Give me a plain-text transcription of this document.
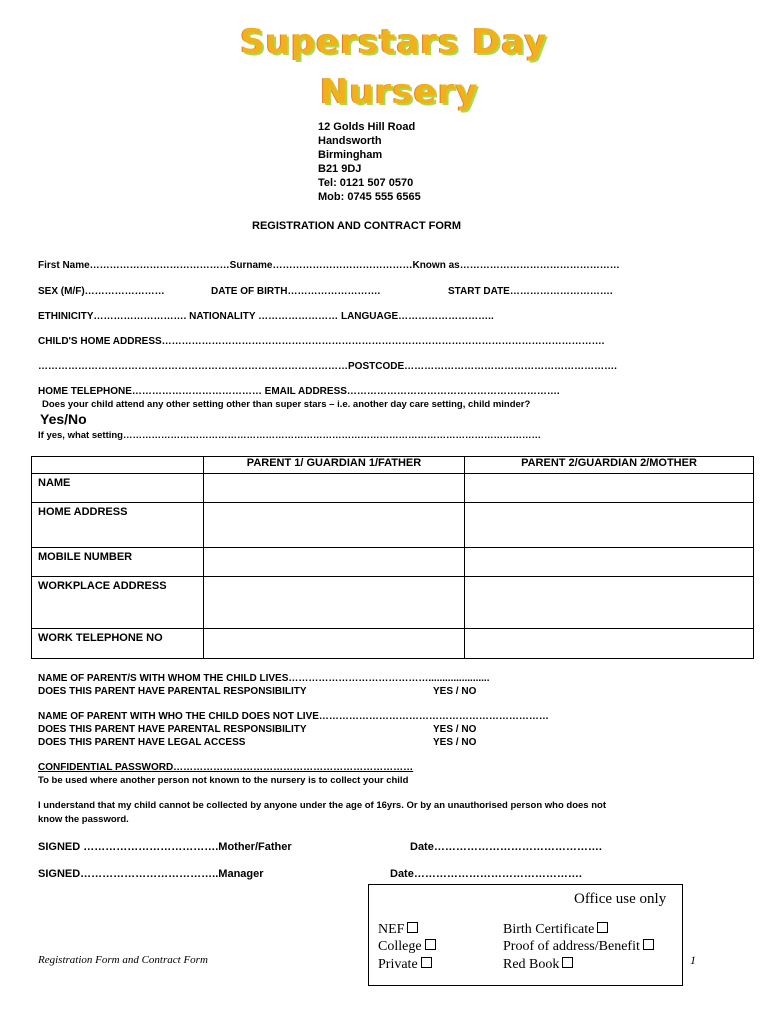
Superstars Day
Nursery
12 Golds Hill Road
Handsworth
Birmingham
B21 9DJ
Tel: 0121 507 0570
Mob: 0745 555 6565
REGISTRATION AND CONTRACT FORM
First Name……………………………………Surname……………………………………Known as…………………………………………
SEX (M/F)……………………	DATE OF BIRTH……………………….	START DATE………………………….
ETHINICITY………………………. NATIONALITY …………………… LANGUAGE………………………..
CHILD'S HOME ADDRESS…………………………………………………………………………………………………………………….
…………………………………………………………………………………POSTCODE……………………………………………………….
HOME TELEPHONE………………………………… EMAIL ADDRESS……………………………………………………….
Does your child attend any other setting other than super stars – i.e. another day care setting, child minder?
Yes/No
If yes, what setting……………………………………………………………………………………………………………………
	PARENT 1/ GUARDIAN 1/FATHER	PARENT 2/GUARDIAN 2/MOTHER
NAME		
HOME ADDRESS		
MOBILE NUMBER		
WORKPLACE ADDRESS		
WORK TELEPHONE NO		
NAME OF PARENT/S WITH WHOM THE CHILD LIVES……………………………………......................
DOES THIS PARENT HAVE PARENTAL RESPONSIBILITY	YES / NO
NAME OF PARENT WITH WHO THE CHILD DOES NOT LIVE……………………………………………………………
DOES THIS PARENT HAVE PARENTAL RESPONSIBILITY	YES / NO
DOES THIS PARENT HAVE LEGAL ACCESS	YES / NO
CONFIDENTIAL PASSWORD………………………………………………………………
To be used where another person not known to the nursery is to collect your child
I understand that my child cannot be collected by anyone under the age of 16yrs. Or by an unauthorised person who does not
know the password.
SIGNED ……………………………….Mother/Father	Date……………………………………….
SIGNED………………………………..Manager	Date……………………………………….
Office use only
NEF
College
Private
Birth Certificate
Proof of address/Benefit
Red Book
Registration Form and Contract Form	1
